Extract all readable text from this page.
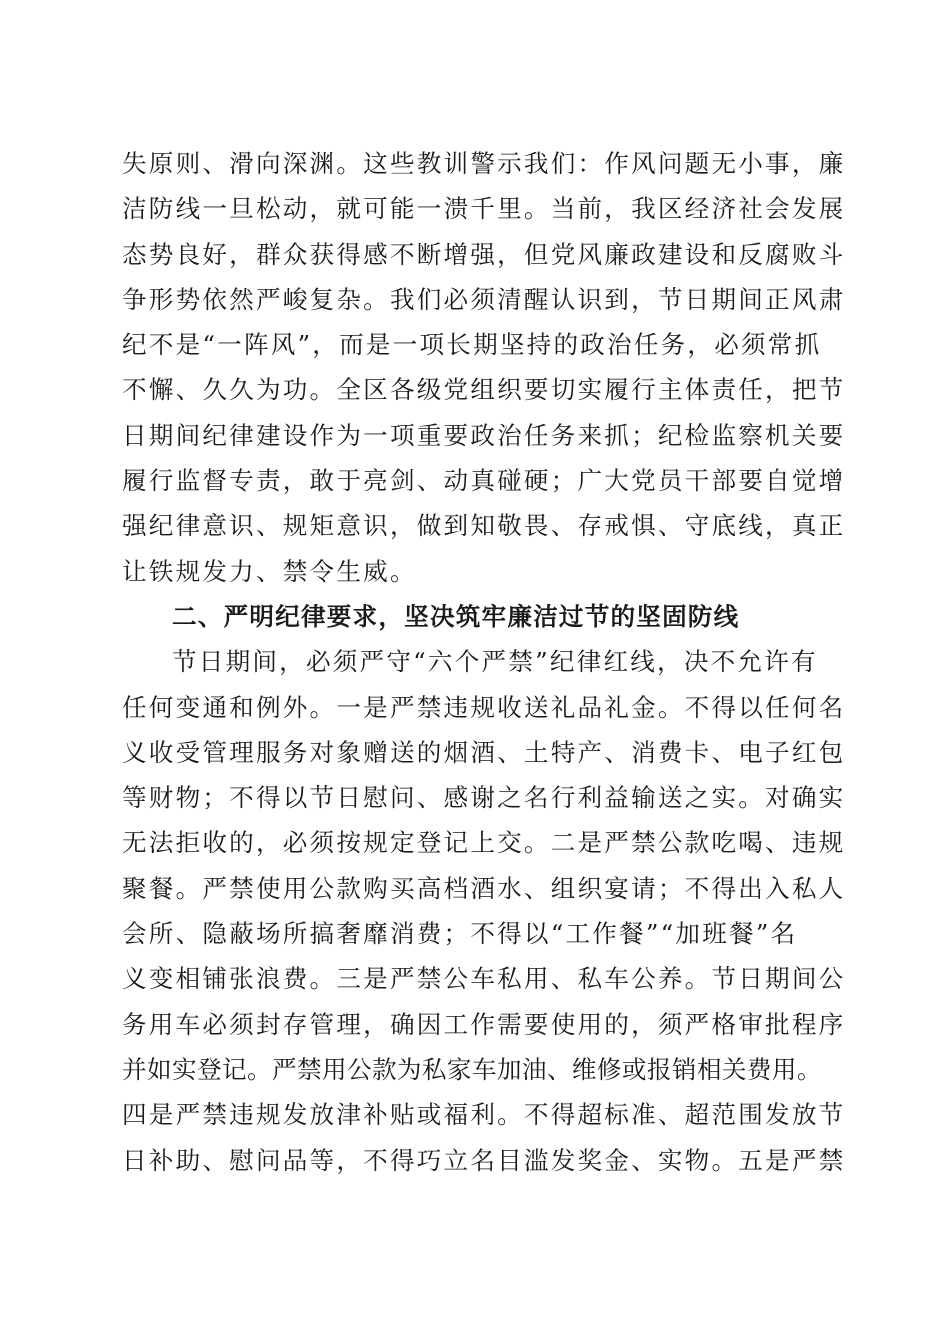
失原则、滑向深渊。这些教训警示我们：作风问题无小事，廉
洁防线一旦松动，就可能一溃千里。当前，我区经济社会发展
态势良好，群众获得感不断增强，但党风廉政建设和反腐败斗
争形势依然严峻复杂。我们必须清醒认识到，节日期间正风肃
纪不是“一阵风”，而是一项长期坚持的政治任务，必须常抓
不懈、久久为功。全区各级党组织要切实履行主体责任，把节
日期间纪律建设作为一项重要政治任务来抓；纪检监察机关要
履行监督专责，敢于亮剑、动真碰硬；广大党员干部要自觉增
强纪律意识、规矩意识，做到知敬畏、存戒惧、守底线，真正
让铁规发力、禁令生威。
二、严明纪律要求，坚决筑牢廉洁过节的坚固防线
节日期间，必须严守“六个严禁”纪律红线，决不允许有
任何变通和例外。一是严禁违规收送礼品礼金。不得以任何名
义收受管理服务对象赠送的烟酒、土特产、消费卡、电子红包
等财物；不得以节日慰问、感谢之名行利益输送之实。对确实
无法拒收的，必须按规定登记上交。二是严禁公款吃喝、违规
聚餐。严禁使用公款购买高档酒水、组织宴请；不得出入私人
会所、隐蔽场所搞奢靡消费；不得以“工作餐”“加班餐”名
义变相铺张浪费。三是严禁公车私用、私车公养。节日期间公
务用车必须封存管理，确因工作需要使用的，须严格审批程序
并如实登记。严禁用公款为私家车加油、维修或报销相关费用。
四是严禁违规发放津补贴或福利。不得超标准、超范围发放节
日补助、慰问品等，不得巧立名目滥发奖金、实物。五是严禁
